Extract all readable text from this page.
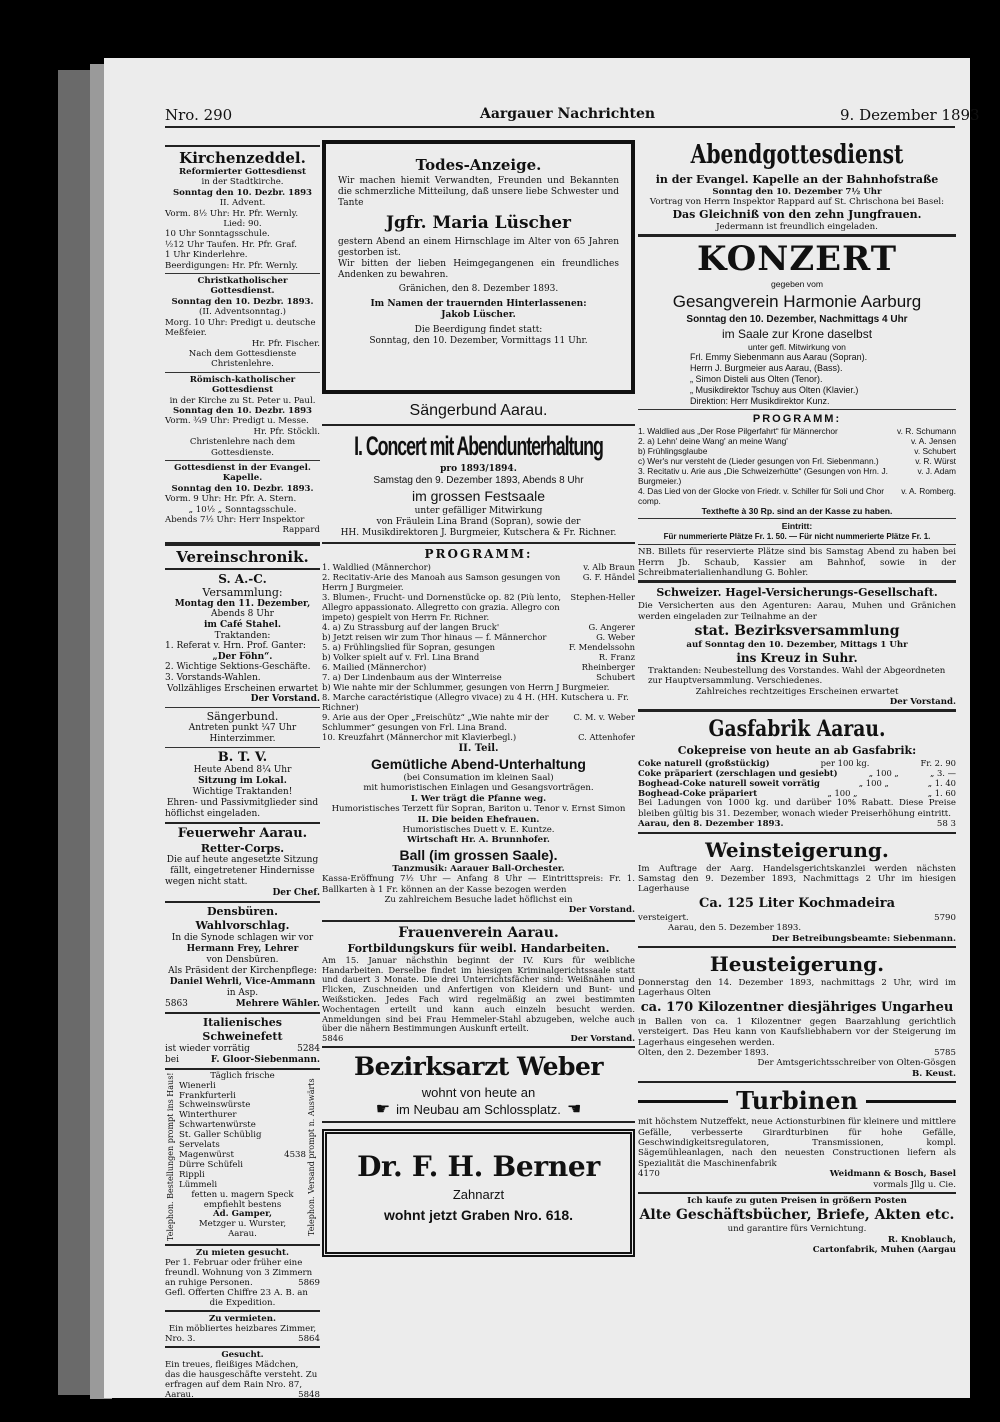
Nro. 290	Aargauer Nachrichten	9. Dezember 1893
Kirchenzeddel.

Reformierter Gottesdienst

in der Stadtkirche.

Sonntag den 10. Dezbr. 1893

II. Advent.

Vorm. 8½ Uhr: Hr. Pfr. Wernly.

Lied: 90.

10 Uhr Sonntagsschule.

½12 Uhr Taufen. Hr. Pfr. Graf.

1 Uhr Kinderlehre.

Beerdigungen: Hr. Pfr. Wernly.

Christkatholischer Gottesdienst.

Sonntag den 10. Dezbr. 1893.

(II. Adventsonntag.)

Morg. 10 Uhr: Predigt u. deutsche Meßfeier.

Hr. Pfr. Fischer.

Nach dem Gottesdienste Christenlehre.

Römisch-katholischer Gottesdienst

in der Kirche zu St. Peter u. Paul.

Sonntag den 10. Dezbr. 1893

Vorm. ¾9 Uhr: Predigt u. Messe.

Hr. Pfr. Stöckli.

Christenlehre nach dem Gottesdienste.

Gottesdienst in der Evangel. Kapelle.

Sonntag den 10. Dezbr. 1893.

Vorm. 9 Uhr: Hr. Pfr. A. Stern.

„ 10½ „ Sonntagsschule.

Abends 7½ Uhr: Herr Inspektor

Rappard

Vereinschronik.

S. A.-C.

Versammlung:

Montag den 11. Dezember,

Abends 8 Uhr

im Café Stahel.

Traktanden:

1. Referat v. Hrn. Prof. Ganter:

„Der Föhn“.

2. Wichtige Sektions-Geschäfte.

3. Vorstands-Wahlen.

Vollzähliges Erscheinen erwartet

Der Vorstand.

Sängerbund.

Antreten punkt ¼7 Uhr

Hinterzimmer.

B. T. V.

Heute Abend 8¼ Uhr

Sitzung im Lokal.

Wichtige Traktanden!

Ehren- und Passivmitglieder sind

höflichst eingeladen.

Feuerwehr Aarau.

Retter-Corps.

Die auf heute angesetzte Sitzung

fällt, eingetretener Hindernisse

wegen nicht statt.

Der Chef.

Densbüren. Wahlvorschlag.

In die Synode schlagen wir vor

Hermann Frey, Lehrer

von Densbüren.

Als Präsident der Kirchenpflege:

Daniel Wehrli, Vice-Ammann

in Asp.

5863	Mehrere Wähler.

Italienisches Schweinefett

ist wieder vorrätig	5284
bei	F. Gloor-Siebenmann.
Telephon. Bestellungen prompt ins Haus!	Täglich frische

Wienerli

Frankfurterli

Schweinswürste

Winterthurer

Schwartenwürste

St. Galler Schüblig

Servelats

Magenwürst	4538

Dürre Schüfeli

Rippli

Lümmeli

fetten u. magern Speck

empfiehlt bestens

Ad. Gamper,

Metzger u. Wurster,

Aarau.	Telephon. Versand prompt n. Auswärts

Zu mieten gesucht.

Per 1. Februar oder früher eine

freundl. Wohnung von 3 Zimmern

an ruhige Personen.	5869

Gefl. Offerten Chiffre 23 A. B. an

die Expedition.

Zu vermieten.

Ein möbliertes heizbares Zimmer,

Nro. 3.	5864

Gesucht.

Ein treues, fleißiges Mädchen,

das die hausgeschäfte versteht. Zu

erfragen auf dem Rain Nro. 87,

Aarau.	5848
Todes-Anzeige.

Wir machen hiemit Verwandten, Freunden und Bekannten die schmerzliche Mitteilung, daß unsere liebe Schwester und Tante

Jgfr. Maria Lüscher

gestern Abend an einem Hirnschlage im Alter von 65 Jahren gestorben ist.

Wir bitten der lieben Heimgegangenen ein freundliches Andenken zu bewahren.

Gränichen, den 8. Dezember 1893.

Im Namen der trauernden Hinterlassenen:

Jakob Lüscher.

Die Beerdigung findet statt:

Sonntag, den 10. Dezember, Vormittags 11 Uhr.

Sängerbund Aarau.
I. Concert mit Abendunterhaltung

pro 1893/1894.

Samstag den 9. Dezember 1893, Abends 8 Uhr

im grossen Festsaale

unter gefälliger Mitwirkung

von Fräulein Lina Brand (Sopran), sowie der

HH. Musikdirektoren J. Burgmeier, Kutschera & Fr. Richner.

PROGRAMM:

1. Waldlied (Männerchor)	v. Alb Braun
2. Recitativ-Arie des Manoah aus Samson gesungen von Herrn J Burgmeier.
G. F. Händel
3. Blumen-, Frucht- und Dornenstücke op. 82 (Più lento, Allegro appassionato. Allegretto con grazia. Allegro con impeto) gespielt von Herrn Fr. Richner.
Stephen-Heller
4. a) Zu Strassburg auf der langen Bruck'	G. Angerer
b) Jetzt reisen wir zum Thor hinaus — f. Männerchor	G. Weber
5. a) Frühlingslied für Sopran, gesungen	F. Mendelssohn
b) Volker spielt auf v. Frl. Lina Brand	R. Franz
6. Mailied (Männerchor)	Rheinberger
7. a) Der Lindenbaum aus der Winterreise	Schubert
b) Wie nahte mir der Schlummer, gesungen von Herrn J Burgmeier.
8. Marche caractéristique (Allegro vivace) zu 4 H. (HH. Kutschera u. Fr. Richner)
9. Arie aus der Oper „Freischütz“ „Wie nahte mir der Schlummer“ gesungen von Frl. Lina Brand.
C. M. v. Weber
10. Kreuzfahrt (Männerchor mit Klavierbegl.)	C. Attenhofer

II. Teil.

Gemütliche Abend-Unterhaltung

(bei Consumation im kleinen Saal)

mit humoristischen Einlagen und Gesangsvorträgen.

I. Wer trägt die Pfanne weg.

Humoristisches Terzett für Sopran, Bariton u. Tenor v. Ernst Simon

II. Die beiden Ehefrauen.

Humoristisches Duett v. E. Kuntze.

Wirtschaft Hr. A. Brunnhofer.

Ball (im grossen Saale).

Tanzmusik: Aarauer Ball-Orchester.

Kassa-Eröffnung 7½ Uhr — Anfang 8 Uhr — Eintrittspreis: Fr. 1. Ballkarten à 1 Fr. können an der Kasse bezogen werden

Zu zahlreichem Besuche ladet höflichst ein

Der Vorstand.

Frauenverein Aarau.

Fortbildungskurs für weibl. Handarbeiten.

Am 15. Januar nächsthin beginnt der IV. Kurs für weibliche Handarbeiten. Derselbe findet im hiesigen Kriminalgerichtssaale statt und dauert 3 Monate. Die drei Unterrichtsfächer sind: Weißnähen und Flicken, Zuschneiden und Anfertigen von Kleidern und Bunt- und Weißsticken. Jedes Fach wird regelmäßig an zwei bestimmten Wochentagen erteilt und kann auch einzeln besucht werden. Anmeldungen sind bei Frau Hemmeler-Stahl abzugeben, welche auch über die nähern Bestimmungen Auskunft erteilt.

5846	Der Vorstand.

Bezirksarzt Weber

wohnt von heute an

☛ im Neubau am Schlossplatz. ☛

Dr. F. H. Berner

Zahnarzt

wohnt jetzt Graben Nro. 618.

Abendgottesdienst

in der Evangel. Kapelle an der Bahnhofstraße

Sonntag den 10. Dezember 7½ Uhr

Vortrag von Herrn Inspektor Rappard auf St. Chrischona bei Basel:

Das Gleichniß von den zehn Jungfrauen.

Jedermann ist freundlich eingeladen.

KONZERT

gegeben vom

Gesangverein Harmonie Aarburg

Sonntag den 10. Dezember, Nachmittags 4 Uhr

im Saale zur Krone daselbst

unter gefl. Mitwirkung von

Frl. Emmy Siebenmann aus Aarau (Sopran).

Herrn J. Burgmeier aus Aarau, (Bass).

„ Simon Disteli aus Olten (Tenor).

„ Musikdirektor Tschuy aus Olten (Klavier.)

Direktion: Herr Musikdirektor Kunz.

PROGRAMM:

1. Waldlied aus „Der Rose Pilgerfahrt“ für Männerchor	v. R. Schumann
2. a) Lehn' deine Wang' an meine Wang'	v. A. Jensen
b) Frühlingsglaube	v. Schubert
c) Wer's nur versteht de (Lieder gesungen von Frl. Siebenmann.)	v. R. Würst
3. Recitativ u. Arie aus „Die Schweizerhütte“ (Gesungen von Hrn. J. Burgmeier.)
v. J. Adam
4. Das Lied von der Glocke von Friedr. v. Schiller für Soli und Chor comp.
v. A. Romberg.

Texthefte à 30 Rp. sind an der Kasse zu haben.

Eintritt:

Für nummerierte Plätze Fr. 1. 50. — Für nicht nummerierte Plätze Fr. 1.

NB. Billets für reservierte Plätze sind bis Samstag Abend zu haben bei Herrn Jb. Schaub, Kassier am Bahnhof, sowie in der Schreibmaterialienhandlung G. Bohler.

Schweizer. Hagel-Versicherungs-Gesellschaft.

Die Versicherten aus den Agenturen: Aarau, Muhen und Gränichen werden eingeladen zur Teilnahme an der

stat. Bezirksversammlung

auf Sonntag den 10. Dezember, Mittags 1 Uhr

ins Kreuz in Suhr.

Traktanden: Neubestellung des Vorstandes. Wahl der Abgeordneten zur Hauptversammlung. Verschiedenes.

Zahlreiches rechtzeitiges Erscheinen erwartet

Der Vorstand.

Gasfabrik Aarau.

Cokepreise von heute an ab Gasfabrik:

Coke naturell (großstückig)	per 100 kg.	Fr. 2. 90
Coke präpariert (zerschlagen und gesiebt)	„ 100 „	„ 3. —
Boghead-Coke naturell soweit vorrätig	„ 100 „	„ 1. 40
Boghead-Coke präpariert	„ 100 „	„ 1. 60

Bei Ladungen von 1000 kg. und darüber 10% Rabatt. Diese Preise bleiben gültig bis 31. Dezember, wonach wieder Preiserhöhung eintritt.

Aarau, den 8. Dezember 1893.	58 3

Weinsteigerung.

Im Auftrage der Aarg. Handelsgerichtskanzlei werden nächsten Samstag den 9. Dezember 1893, Nachmittags 2 Uhr im hiesigen Lagerhause

Ca. 125 Liter Kochmadeira

versteigert.	5790

Aarau, den 5. Dezember 1893.

Der Betreibungsbeamte: Siebenmann.

Heusteigerung.

Donnerstag den 14. Dezember 1893, nachmittags 2 Uhr, wird im Lagerhaus Olten

ca. 170 Kilozentner diesjähriges Ungarheu

in Ballen von ca. 1 Kilozentner gegen Baarzahlung gerichtlich versteigert. Das Heu kann von Kaufsliebhabern vor der Steigerung im Lagerhaus eingesehen werden.

Olten, den 2. Dezember 1893.	5785

Der Amtsgerichtsschreiber von Olten-Gösgen

B. Keust.

Turbinen

mit höchstem Nutzeffekt, neue Actionsturbinen für kleinere und mittlere Gefälle, verbesserte Girardturbinen für hohe Gefälle, Geschwindigkeitsregulatoren, Transmissionen, kompl. Sägemühleanlagen, nach den neuesten Constructionen liefern als Spezialität die Maschinenfabrik

4170	Weidmann & Bosch, Basel

vormals Jllg u. Cie.

Ich kaufe zu guten Preisen in größern Posten

Alte Geschäftsbücher, Briefe, Akten etc.

und garantire fürs Vernichtung.

R. Knoblauch,

Cartonfabrik, Muhen (Aargau
